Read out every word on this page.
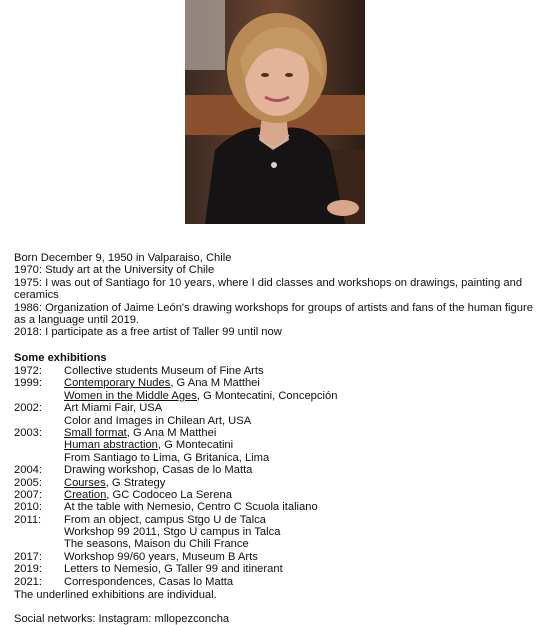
Born December 9, 1950 in Valparaiso, Chile

1970: Study art at the University of Chile

1975: I was out of Santiago for 10 years, where I did classes and workshops on drawings, painting and ceramics

1986: Organization of Jaime León's drawing workshops for groups of artists and fans of the human figure as a language until 2019.

2018: I participate as a free artist of Taller 99 until now

Some exhibitions

1972:	Collective students Museum of Fine Arts
1999:	Contemporary Nudes, G Ana M Matthei
Women in the Middle Ages, G Montecatini, Concepción
2002:	Art Miami Fair, USA
Color and Images in Chilean Art, USA
2003:	Small format, G Ana M Matthei
Human abstraction, G Montecatini
From Santiago to Lima, G Britanica, Lima
2004:	Drawing workshop, Casas de lo Matta
2005:	Courses, G Strategy
2007:	Creation, GC Codoceo La Serena
2010:	At the table with Nemesio, Centro C Scuola italiano
2011:	From an object, campus Stgo U de Talca
Workshop 99 2011, Stgo U campus in Talca
The seasons, Maison du Chili France
2017:	Workshop 99/60 years, Museum B Arts
2019:	Letters to Nemesio, G Taller 99 and itinerant
2021:	Correspondences, Casas lo Matta

The underlined exhibitions are individual.

Social networks: Instagram: mllopezconcha
